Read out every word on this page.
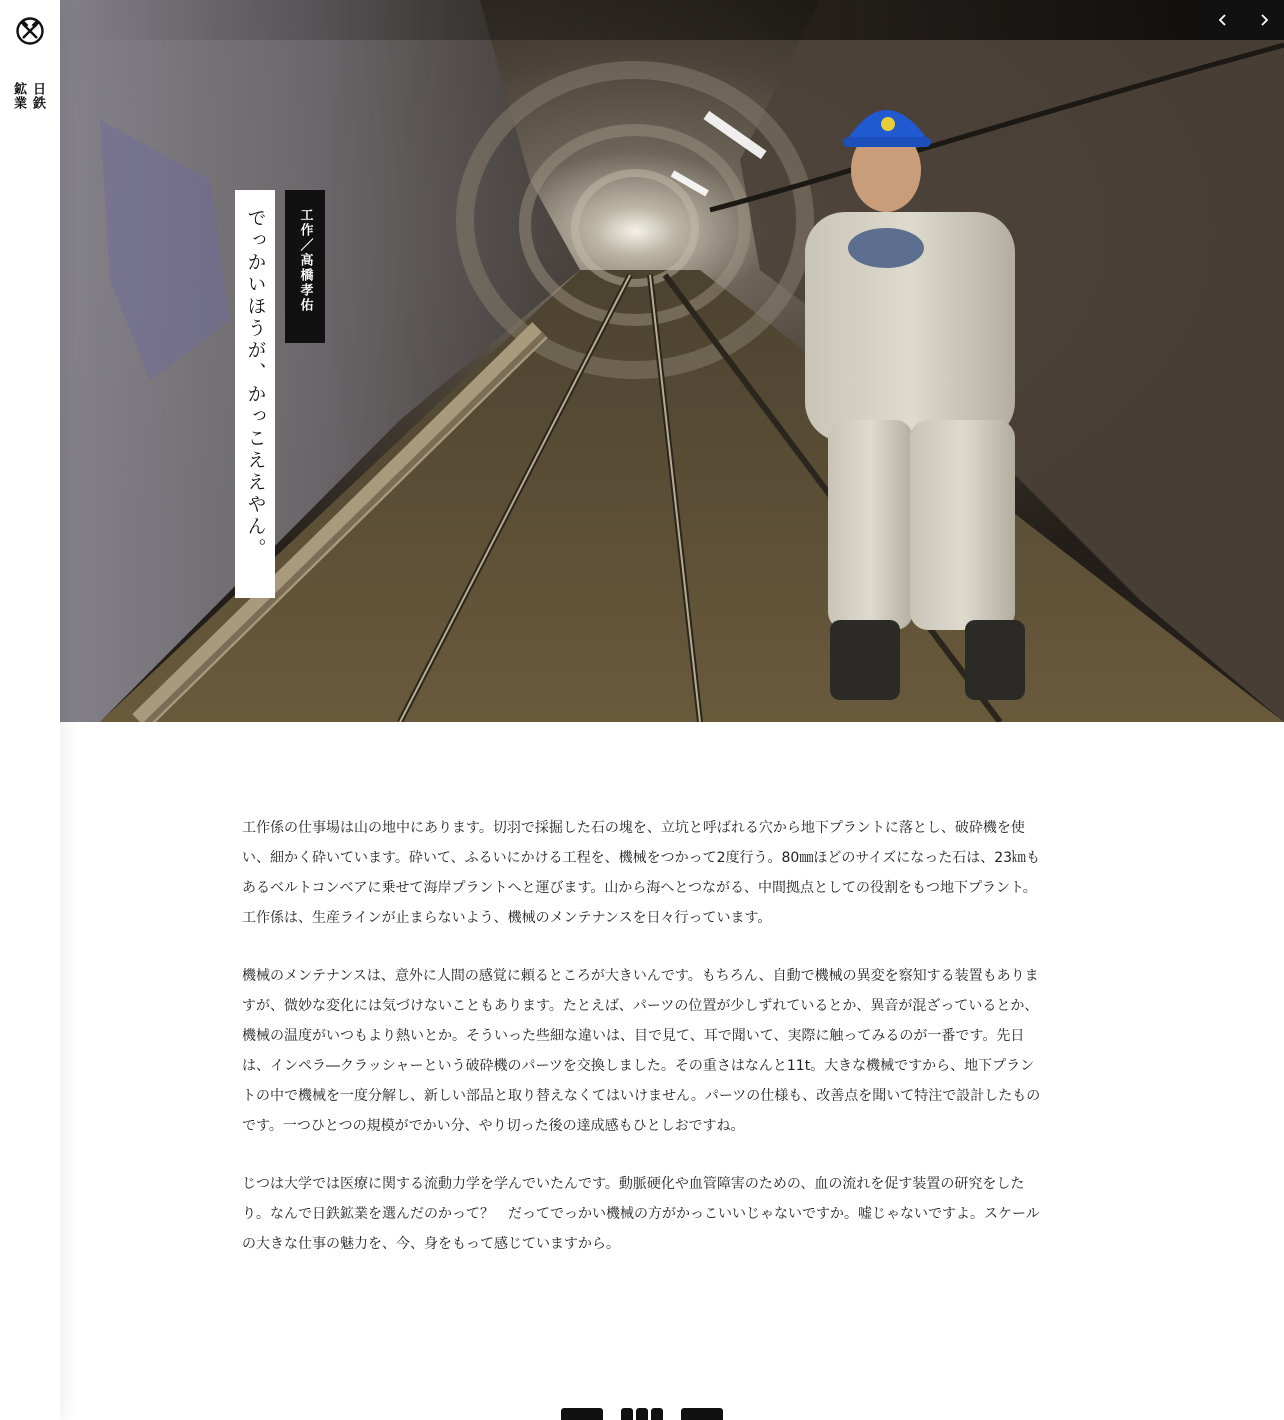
日鉄
鉱業
でっかいほうが、かっこええやん。 工作／高橋孝佑

工作係の仕事場は山の地中にあります。切羽で採掘した石の塊を、立坑と呼ばれる穴から地下プラントに落とし、破砕機を使い、細かく砕いています。砕いて、ふるいにかける工程を、機械をつかって2度行う。80㎜ほどのサイズになった石は、23㎞もあるベルトコンベアに乗せて海岸プラントへと運びます。山から海へとつながる、中間拠点としての役割をもつ地下プラント。工作係は、生産ラインが止まらないよう、機械のメンテナンスを日々行っています。

機械のメンテナンスは、意外に人間の感覚に頼るところが大きいんです。もちろん、自動で機械の異変を察知する装置もありますが、微妙な変化には気づけないこともあります。たとえば、パーツの位置が少しずれているとか、異音が混ざっているとか、機械の温度がいつもより熱いとか。そういった些細な違いは、目で見て、耳で聞いて、実際に触ってみるのが一番です。先日は、インペラ―クラッシャーという破砕機のパーツを交換しました。その重さはなんと11t。大きな機械ですから、地下プラントの中で機械を一度分解し、新しい部品と取り替えなくてはいけません。パーツの仕様も、改善点を聞いて特注で設計したものです。一つひとつの規模がでかい分、やり切った後の達成感もひとしおですね。

じつは大学では医療に関する流動力学を学んでいたんです。動脈硬化や血管障害のための、血の流れを促す装置の研究をしたり。なんで日鉄鉱業を選んだのかって？　だってでっかい機械の方がかっこいいじゃないですか。嘘じゃないですよ。スケールの大きな仕事の魅力を、今、身をもって感じていますから。
